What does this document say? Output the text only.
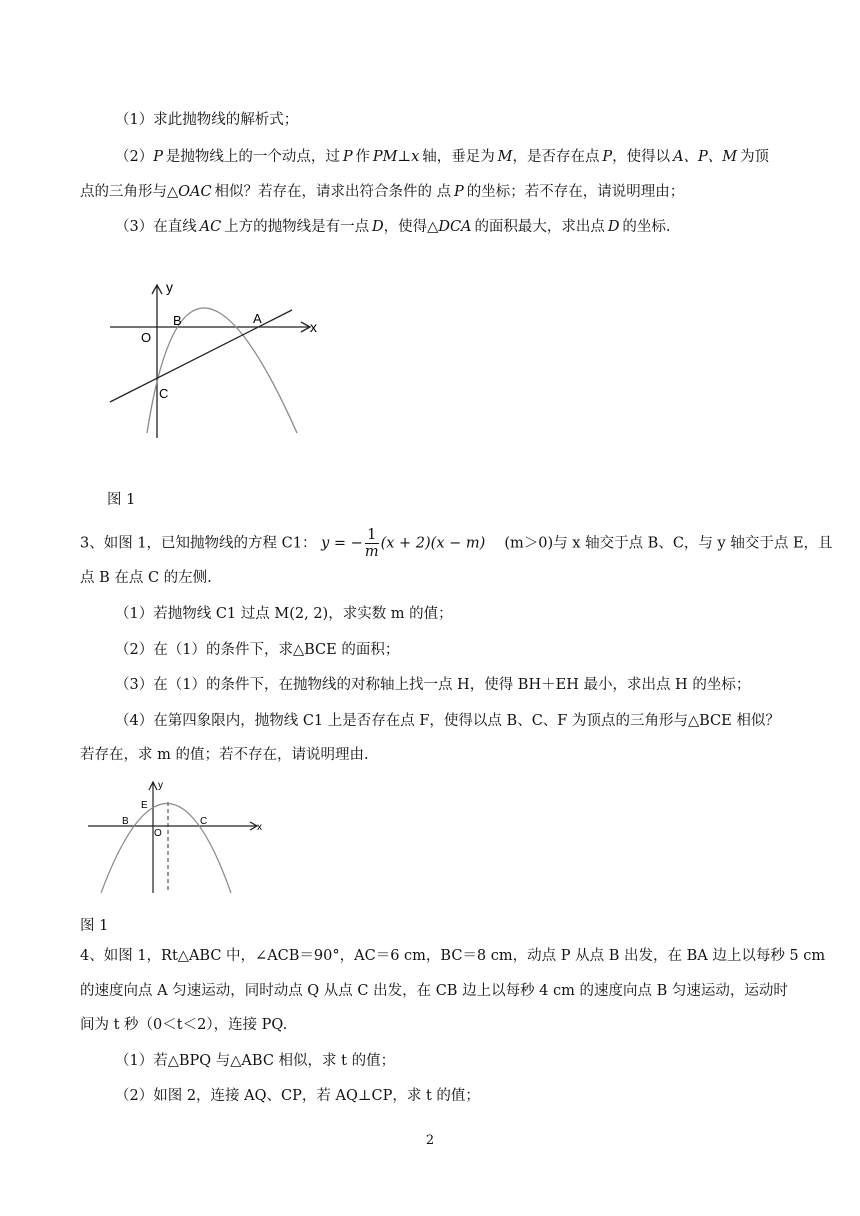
（1）求此抛物线的解析式；
（2）P  是抛物线上的一个动点，过  P  作  PM⊥x  轴，垂足为  M，是否存在点  P，使得以  A、P、M  为顶
点的三角形与△OAC  相似？若存在，请求出符合条件的 点  P  的坐标；若不存在，请说明理由；
（3）在直线  AC  上方的抛物线是有一点  D，使得△DCA  的面积最大，求出点  D  的坐标.
y
x
O
B	A
C
图 1
3、如图 1，已知抛物线的方程 C1： y = − $\frac{1}{m} (x + 2)(x - m)$   (m＞0)与 x 轴交于点 B、C，与 y 轴交于点 E，且
点 B 在点 C 的左侧.
（1）若抛物线 C1 过点 M(2, 2)，求实数 m 的值；
（2）在（1）的条件下，求△BCE 的面积；
（3）在（1）的条件下，在抛物线的对称轴上找一点 H，使得 BH＋EH 最小，求出点 H 的坐标；
（4）在第四象限内，抛物线 C1 上是否存在点 F，使得以点 B、C、F 为顶点的三角形与△BCE 相似？
若存在，求 m 的值；若不存在，请说明理由.
y
x
E
B
O
C
图 1
4、如图 1，Rt△ABC 中，∠ACB＝90°，AC＝6 cm，BC＝8 cm，动点 P 从点 B 出发，在 BA 边上以每秒 5 cm
的速度向点 A 匀速运动，同时动点 Q 从点 C 出发，在 CB 边上以每秒 4 cm 的速度向点 B 匀速运动，运动时
间为 t 秒（0＜t＜2），连接 PQ.
（1）若△BPQ 与△ABC 相似，求 t 的值；
（2）如图 2，连接 AQ、CP，若 AQ⊥CP，求 t 的值；
2
